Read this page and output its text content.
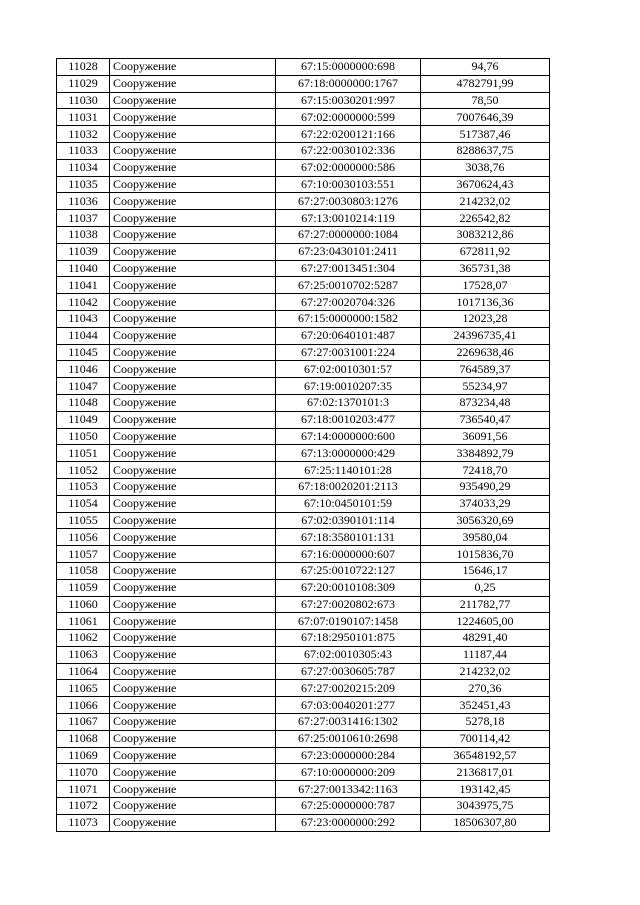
11028	Сооружение	67:15:0000000:698	94,76
11029	Сооружение	67:18:0000000:1767	4782791,99
11030	Сооружение	67:15:0030201:997	78,50
11031	Сооружение	67:02:0000000:599	7007646,39
11032	Сооружение	67:22:0200121:166	517387,46
11033	Сооружение	67:22:0030102:336	8288637,75
11034	Сооружение	67:02:0000000:586	3038,76
11035	Сооружение	67:10:0030103:551	3670624,43
11036	Сооружение	67:27:0030803:1276	214232,02
11037	Сооружение	67:13:0010214:119	226542,82
11038	Сооружение	67:27:0000000:1084	3083212,86
11039	Сооружение	67:23:0430101:2411	672811,92
11040	Сооружение	67:27:0013451:304	365731,38
11041	Сооружение	67:25:0010702:5287	17528,07
11042	Сооружение	67:27:0020704:326	1017136,36
11043	Сооружение	67:15:0000000:1582	12023,28
11044	Сооружение	67:20:0640101:487	24396735,41
11045	Сооружение	67:27:0031001:224	2269638,46
11046	Сооружение	67:02:0010301:57	764589,37
11047	Сооружение	67:19:0010207:35	55234,97
11048	Сооружение	67:02:1370101:3	873234,48
11049	Сооружение	67:18:0010203:477	736540,47
11050	Сооружение	67:14:0000000:600	36091,56
11051	Сооружение	67:13:0000000:429	3384892,79
11052	Сооружение	67:25:1140101:28	72418,70
11053	Сооружение	67:18:0020201:2113	935490,29
11054	Сооружение	67:10:0450101:59	374033,29
11055	Сооружение	67:02:0390101:114	3056320,69
11056	Сооружение	67:18:3580101:131	39580,04
11057	Сооружение	67:16:0000000:607	1015836,70
11058	Сооружение	67:25:0010722:127	15646,17
11059	Сооружение	67:20:0010108:309	0,25
11060	Сооружение	67:27:0020802:673	211782,77
11061	Сооружение	67:07:0190107:1458	1224605,00
11062	Сооружение	67:18:2950101:875	48291,40
11063	Сооружение	67:02:0010305:43	11187,44
11064	Сооружение	67:27:0030605:787	214232,02
11065	Сооружение	67:27:0020215:209	270,36
11066	Сооружение	67:03:0040201:277	352451,43
11067	Сооружение	67:27:0031416:1302	5278,18
11068	Сооружение	67:25:0010610:2698	700114,42
11069	Сооружение	67:23:0000000:284	36548192,57
11070	Сооружение	67:10:0000000:209	2136817,01
11071	Сооружение	67:27:0013342:1163	193142,45
11072	Сооружение	67:25:0000000:787	3043975,75
11073	Сооружение	67:23:0000000:292	18506307,80
